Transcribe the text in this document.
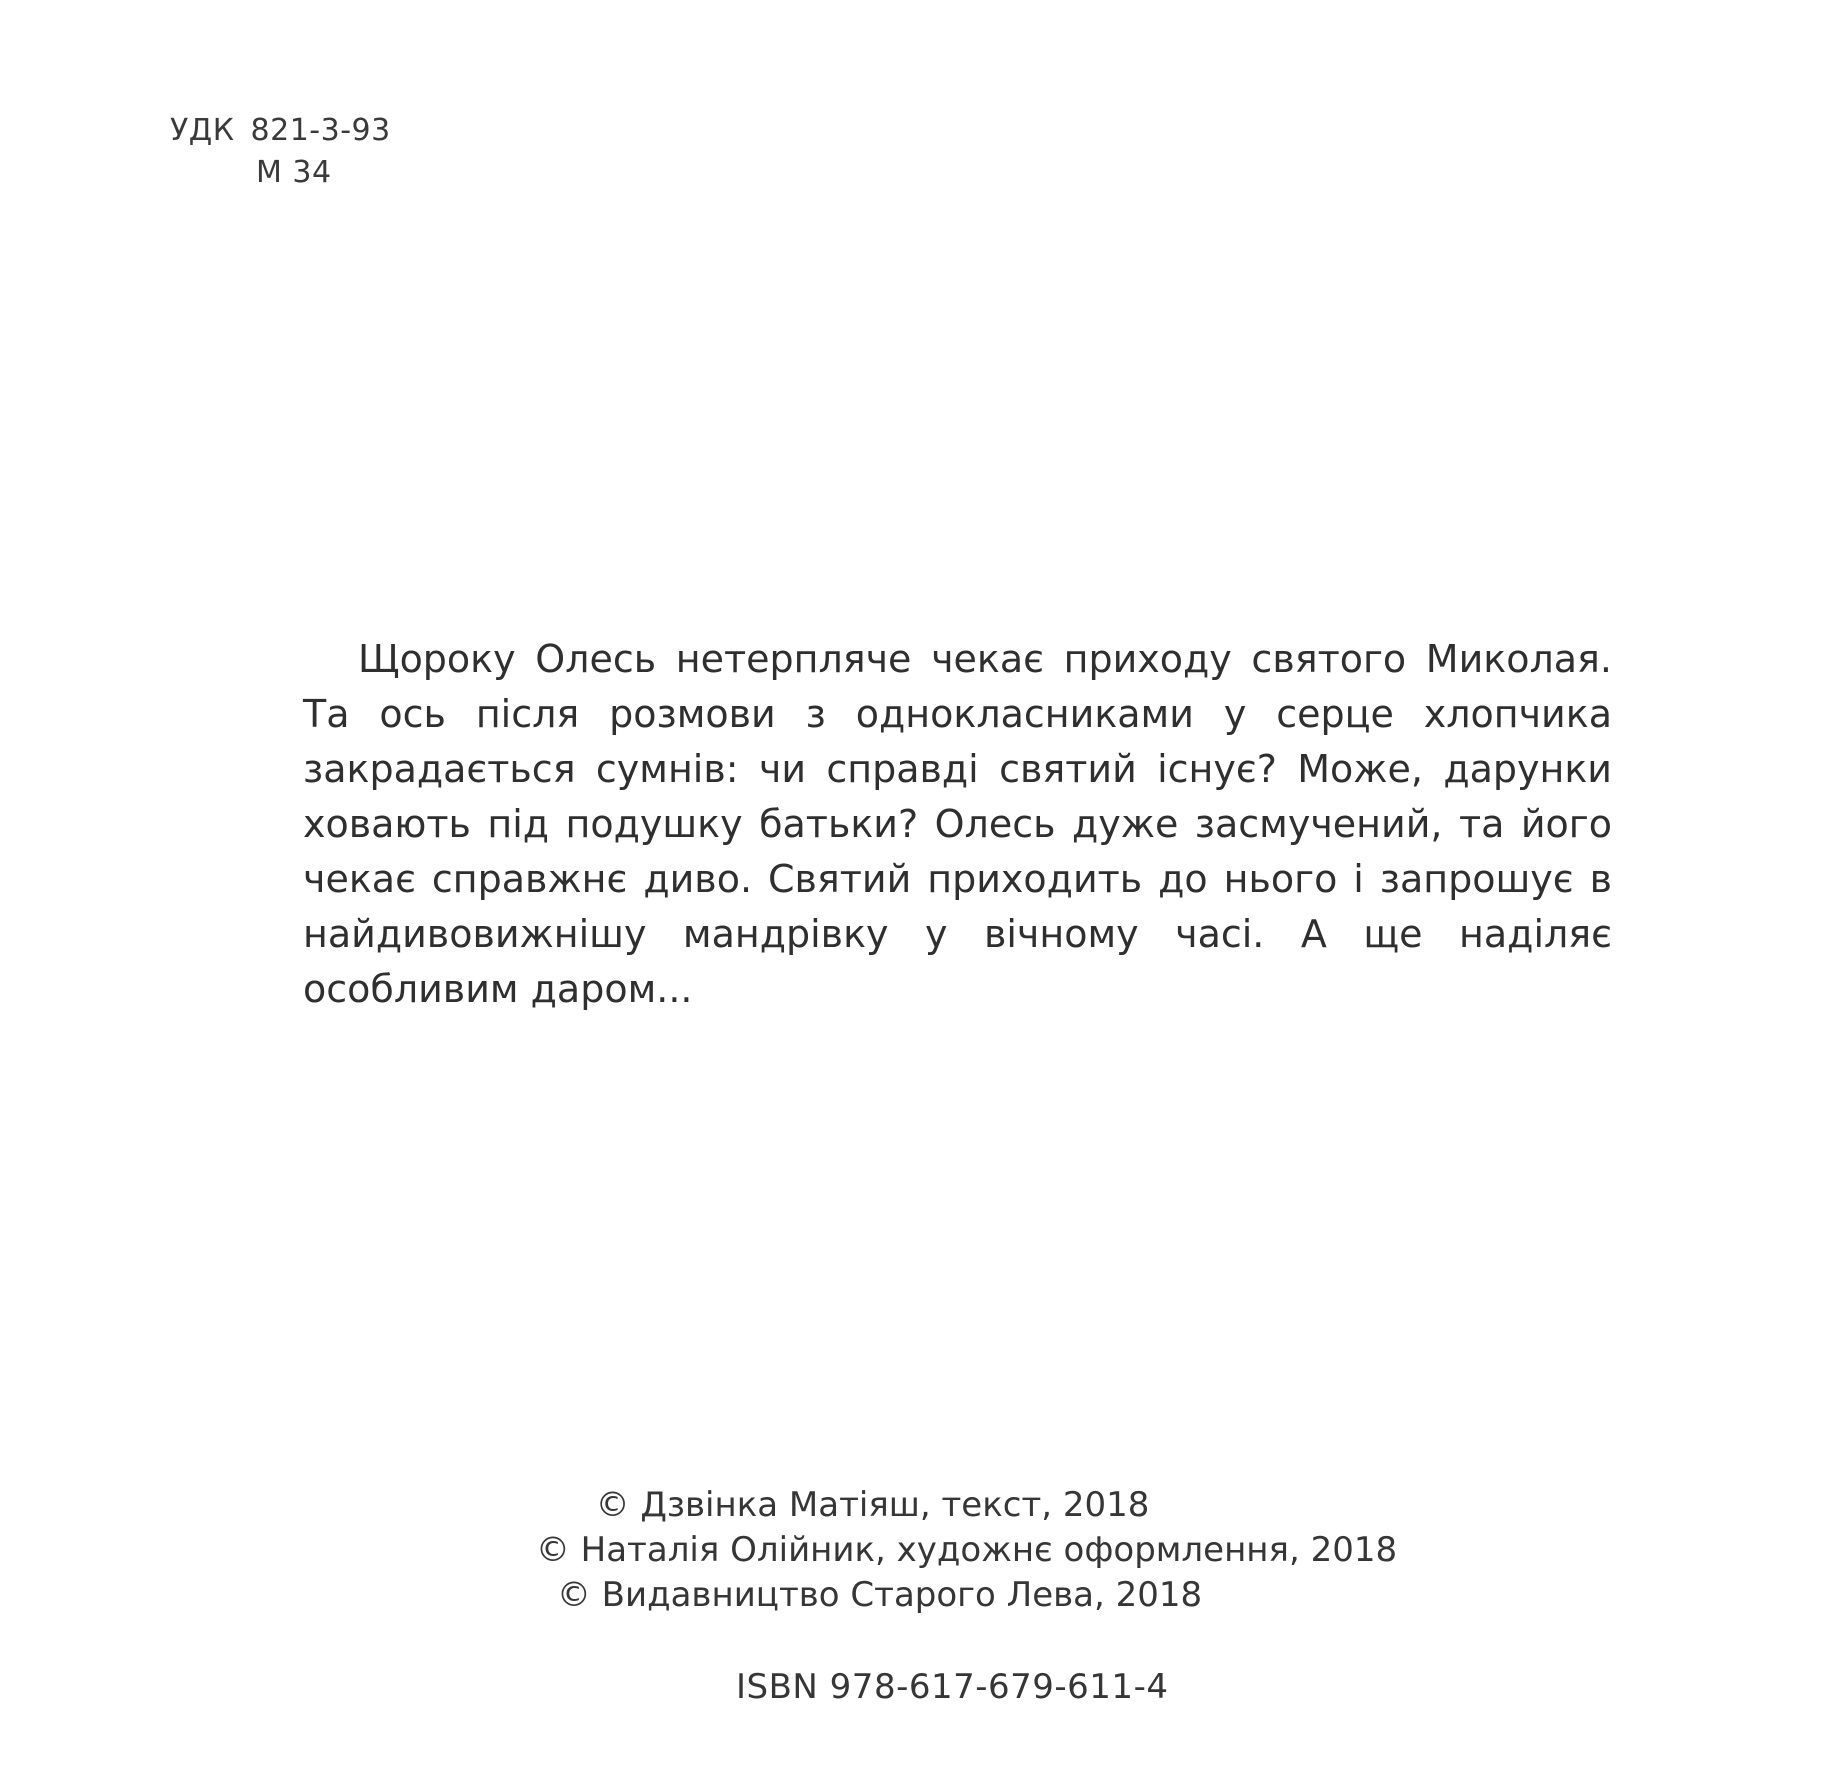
УДК 821-3-93
М 34

Щороку Олесь нетерпляче чекає приходу святого Миколая. Та ось після розмови з однокласниками у серце хлопчика закрадається сумнів: чи справді святий існує? Може, дарунки ховають під подушку батьки? Олесь дуже засмучений, та його чекає справжнє диво. Святий приходить до нього і запрошує в найдивовижнішу мандрівку у вічному часі. А ще наділяє особливим даром...

© Дзвінка Матіяш, текст, 2018
© Наталія Олійник, художнє оформлення, 2018
© Видавництво Старого Лева, 2018
ISBN 978-617-679-611-4
